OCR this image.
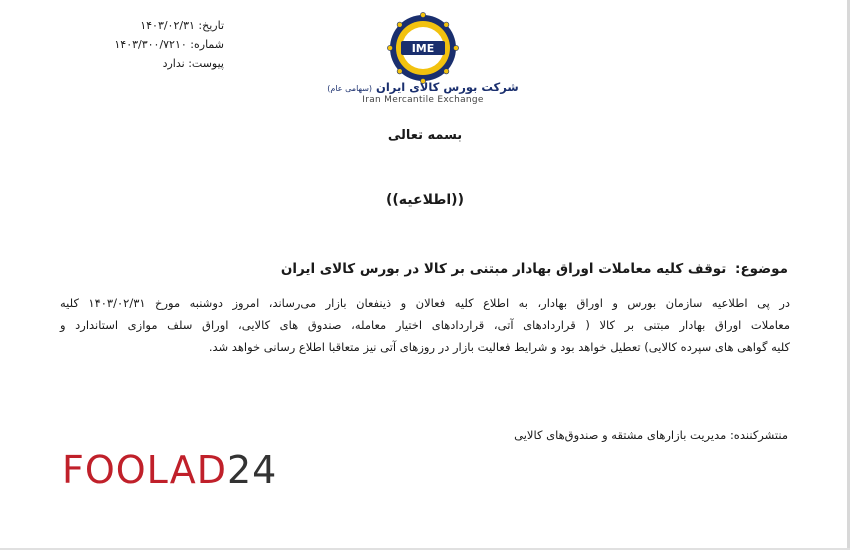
تاریخ: ۱۴۰۳/۰۲/۳۱
شماره: ۱۴۰۳/۳۰۰/۷۲۱۰
پیوست: ندارد
IME
شرکت بورس کالای ایران (سهامی عام)
Iran Mercantile Exchange
بسمه تعالی
((اطلاعیه))
موضوع: توقف کلیه معاملات اوراق بهادار مبتنی بر کالا در بورس کالای ایران
در پی اطلاعیه سازمان بورس و اوراق بهادار، به اطلاع کلیه فعالان و ذینفعان بازار می‌رساند، امروز دوشنبه مورخ ۱۴۰۳/۰۲/۳۱ کلیه
معاملات اوراق بهادار مبتنی بر کالا ( قراردادهای آتی، قراردادهای اختیار معامله، صندوق های کالایی، اوراق سلف موازی استاندارد و
کلیه گواهی های سپرده کالایی) تعطیل خواهد بود و شرایط فعالیت بازار در روزهای آتی نیز متعاقبا اطلاع رسانی خواهد شد.
منتشرکننده: مدیریت بازارهای مشتقه و صندوق‌های کالایی
FOOLAD24
